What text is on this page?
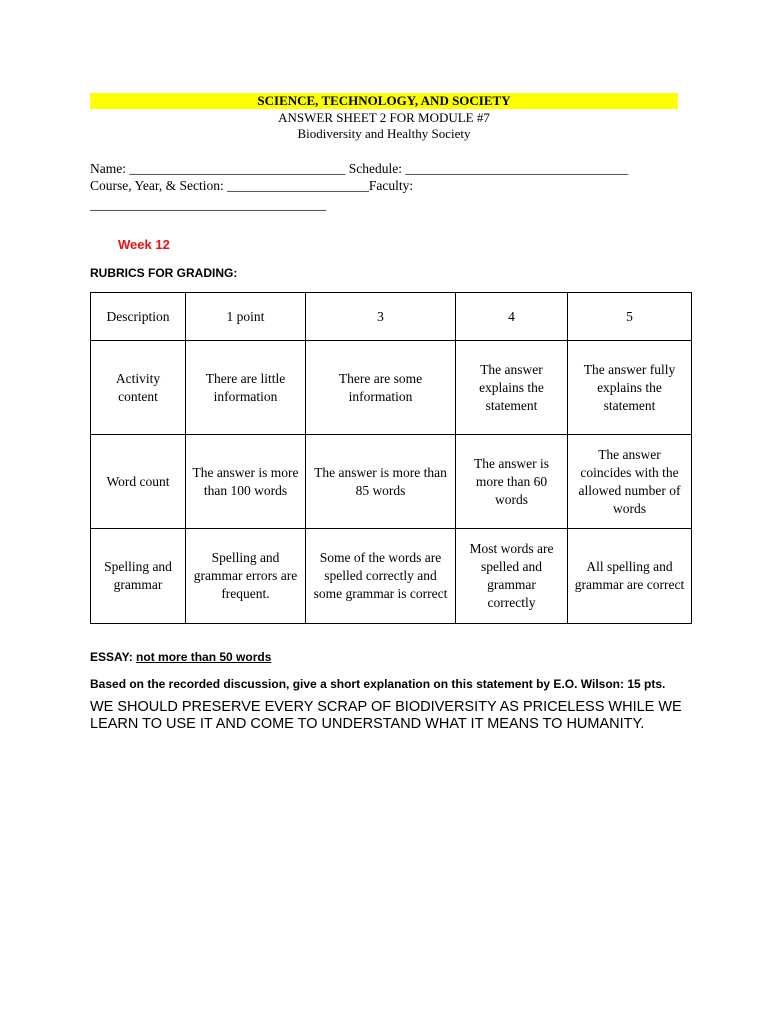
SCIENCE, TECHNOLOGY, AND SOCIETY
ANSWER SHEET 2 FOR MODULE #7
Biodiversity and Healthy Society
Name: ________________________________ Schedule: _________________________________
Course, Year, & Section: _____________________Faculty:
___________________________________
Week 12
RUBRICS FOR GRADING:
Description	1 point	3	4	5
Activity content	There are little information	There are some information	The answer explains the statement	The answer fully explains the statement
Word count	The answer is more than 100 words	The answer is more than 85 words	The answer is more than 60 words	The answer coincides with the allowed number of words
Spelling and grammar	Spelling and grammar errors are frequent.	Some of the words are spelled correctly and some grammar is correct	Most words are spelled and grammar correctly	All spelling and grammar are correct
ESSAY: not more than 50 words
Based on the recorded discussion, give a short explanation on this statement by E.O. Wilson: 15 pts.
WE SHOULD PRESERVE EVERY SCRAP OF BIODIVERSITY AS PRICELESS WHILE WE LEARN TO USE IT AND COME TO UNDERSTAND WHAT IT MEANS TO HUMANITY.
